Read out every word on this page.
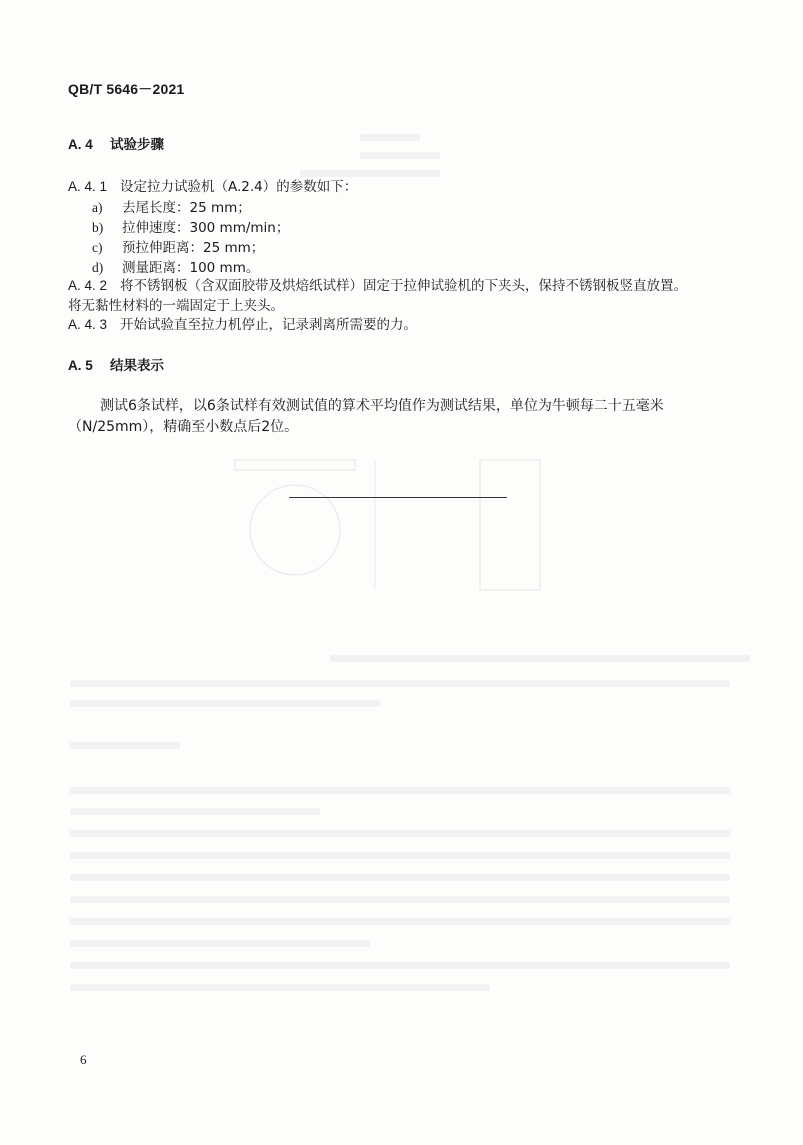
QB/T 5646－2021
A. 4 试验步骤
A. 4. 1 设定拉力试验机（A.2.4）的参数如下：
a) 去尾长度：25 mm；
b) 拉伸速度：300 mm/min；
c) 预拉伸距离：25 mm；
d) 测量距离：100 mm。
A. 4. 2 将不锈钢板（含双面胶带及烘焙纸试样）固定于拉伸试验机的下夹头，保持不锈钢板竖直放置。
将无黏性材料的一端固定于上夹头。
A. 4. 3 开始试验直至拉力机停止，记录剥离所需要的力。
A. 5 结果表示
测试6条试样，以6条试样有效测试值的算术平均值作为测试结果，单位为牛顿每二十五毫米
（N/25mm），精确至小数点后2位。
6
